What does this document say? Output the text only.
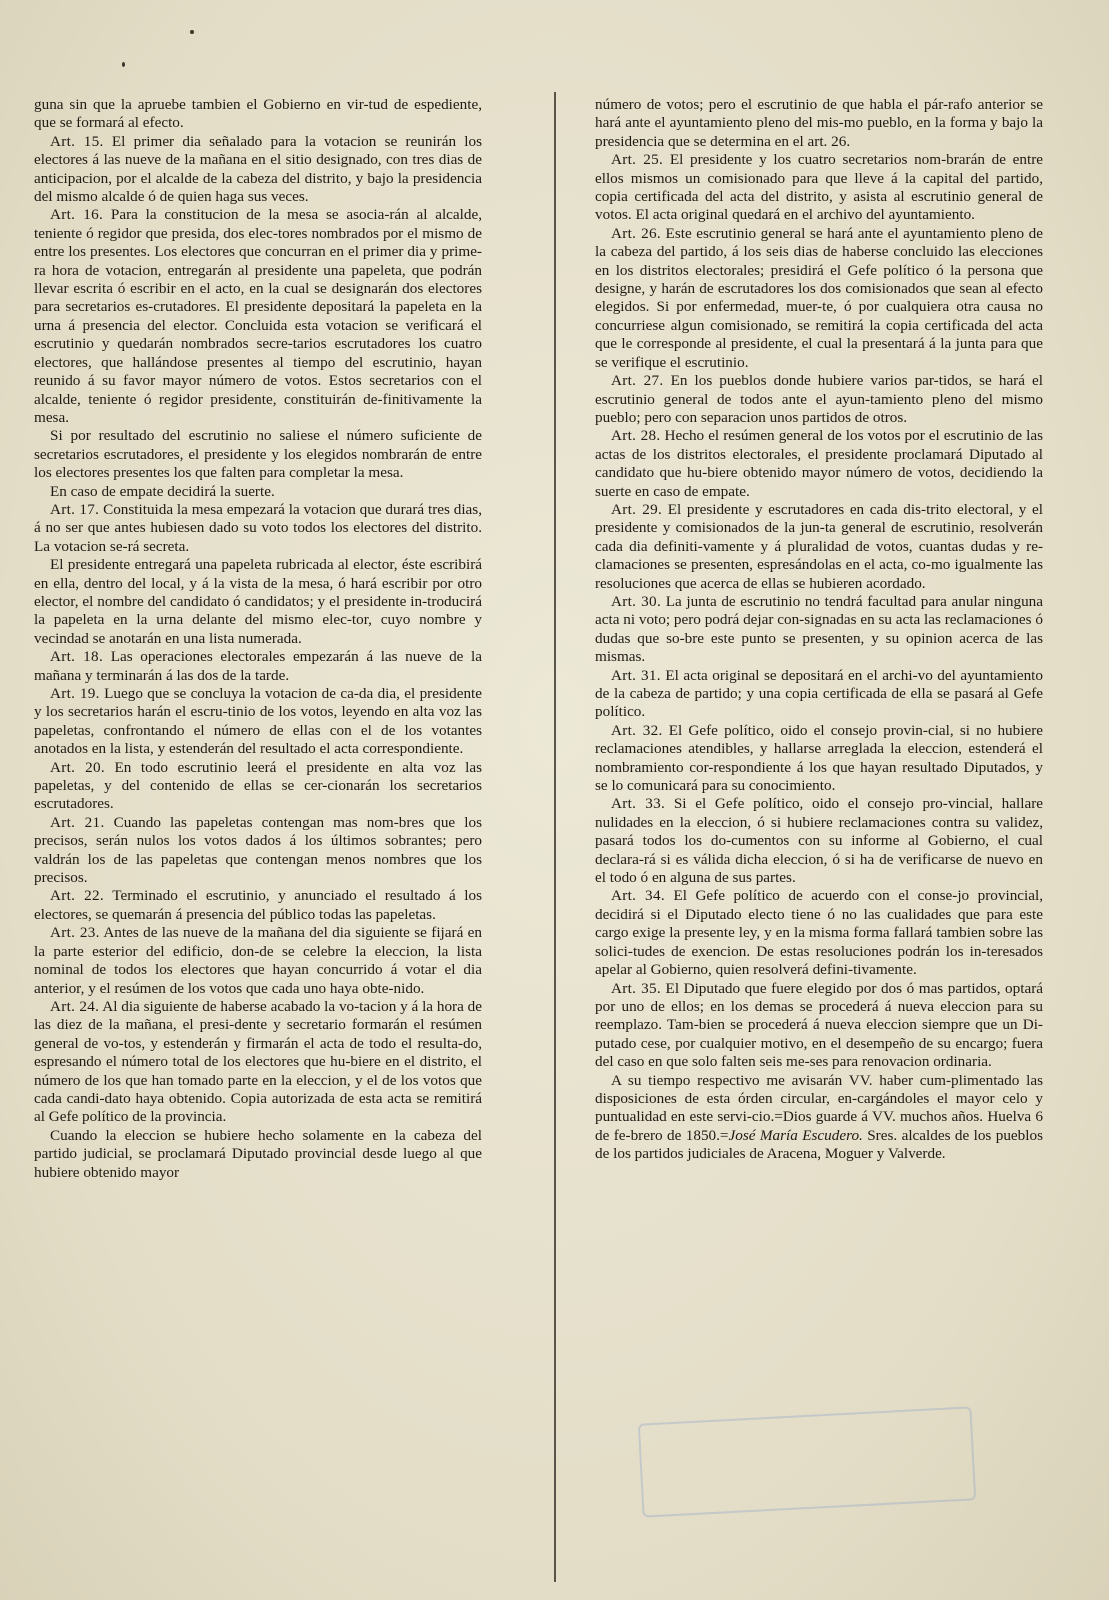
guna sin que la apruebe tambien el Gobierno en vir-tud de espediente, que se formará al efecto.

Art. 15. El primer dia señalado para la votacion se reunirán los electores á las nueve de la mañana en el sitio designado, con tres dias de anticipacion, por el alcalde de la cabeza del distrito, y bajo la presidencia del mismo alcalde ó de quien haga sus veces.

Art. 16. Para la constitucion de la mesa se asocia-rán al alcalde, teniente ó regidor que presida, dos elec-tores nombrados por el mismo de entre los presentes. Los electores que concurran en el primer dia y prime-ra hora de votacion, entregarán al presidente una papeleta, que podrán llevar escrita ó escribir en el acto, en la cual se designarán dos electores para secretarios es-crutadores. El presidente depositará la papeleta en la urna á presencia del elector. Concluida esta votacion se verificará el escrutinio y quedarán nombrados secre-tarios escrutadores los cuatro electores, que hallándose presentes al tiempo del escrutinio, hayan reunido á su favor mayor número de votos. Estos secretarios con el alcalde, teniente ó regidor presidente, constituirán de-finitivamente la mesa.

Si por resultado del escrutinio no saliese el número suficiente de secretarios escrutadores, el presidente y los elegidos nombrarán de entre los electores presentes los que falten para completar la mesa.

En caso de empate decidirá la suerte.

Art. 17. Constituida la mesa empezará la votacion que durará tres dias, á no ser que antes hubiesen dado su voto todos los electores del distrito. La votacion se-rá secreta.

El presidente entregará una papeleta rubricada al elector, éste escribirá en ella, dentro del local, y á la vista de la mesa, ó hará escribir por otro elector, el nombre del candidato ó candidatos; y el presidente in-troducirá la papeleta en la urna delante del mismo elec-tor, cuyo nombre y vecindad se anotarán en una lista numerada.

Art. 18. Las operaciones electorales empezarán á las nueve de la mañana y terminarán á las dos de la tarde.

Art. 19. Luego que se concluya la votacion de ca-da dia, el presidente y los secretarios harán el escru-tinio de los votos, leyendo en alta voz las papeletas, confrontando el número de ellas con el de los votantes anotados en la lista, y estenderán del resultado el acta correspondiente.

Art. 20. En todo escrutinio leerá el presidente en alta voz las papeletas, y del contenido de ellas se cer-cionarán los secretarios escrutadores.

Art. 21. Cuando las papeletas contengan mas nom-bres que los precisos, serán nulos los votos dados á los últimos sobrantes; pero valdrán los de las papeletas que contengan menos nombres que los precisos.

Art. 22. Terminado el escrutinio, y anunciado el resultado á los electores, se quemarán á presencia del público todas las papeletas.

Art. 23. Antes de las nueve de la mañana del dia siguiente se fijará en la parte esterior del edificio, don-de se celebre la eleccion, la lista nominal de todos los electores que hayan concurrido á votar el dia anterior, y el resúmen de los votos que cada uno haya obte-nido.

Art. 24. Al dia siguiente de haberse acabado la vo-tacion y á la hora de las diez de la mañana, el presi-dente y secretario formarán el resúmen general de vo-tos, y estenderán y firmarán el acta de todo el resulta-do, espresando el número total de los electores que hu-biere en el distrito, el número de los que han tomado parte en la eleccion, y el de los votos que cada candi-dato haya obtenido. Copia autorizada de esta acta se remitirá al Gefe político de la provincia.

Cuando la eleccion se hubiere hecho solamente en la cabeza del partido judicial, se proclamará Diputado provincial desde luego al que hubiere obtenido mayor

número de votos; pero el escrutinio de que habla el pár-rafo anterior se hará ante el ayuntamiento pleno del mis-mo pueblo, en la forma y bajo la presidencia que se determina en el art. 26.

Art. 25. El presidente y los cuatro secretarios nom-brarán de entre ellos mismos un comisionado para que lleve á la capital del partido, copia certificada del acta del distrito, y asista al escrutinio general de votos. El acta original quedará en el archivo del ayuntamiento.

Art. 26. Este escrutinio general se hará ante el ayuntamiento pleno de la cabeza del partido, á los seis dias de haberse concluido las elecciones en los distritos electorales; presidirá el Gefe político ó la persona que designe, y harán de escrutadores los dos comisionados que sean al efecto elegidos. Si por enfermedad, muer-te, ó por cualquiera otra causa no concurriese algun comisionado, se remitirá la copia certificada del acta que le corresponde al presidente, el cual la presentará á la junta para que se verifique el escrutinio.

Art. 27. En los pueblos donde hubiere varios par-tidos, se hará el escrutinio general de todos ante el ayun-tamiento pleno del mismo pueblo; pero con separacion unos partidos de otros.

Art. 28. Hecho el resúmen general de los votos por el escrutinio de las actas de los distritos electorales, el presidente proclamará Diputado al candidato que hu-biere obtenido mayor número de votos, decidiendo la suerte en caso de empate.

Art. 29. El presidente y escrutadores en cada dis-trito electoral, y el presidente y comisionados de la jun-ta general de escrutinio, resolverán cada dia definiti-vamente y á pluralidad de votos, cuantas dudas y re-clamaciones se presenten, espresándolas en el acta, co-mo igualmente las resoluciones que acerca de ellas se hubieren acordado.

Art. 30. La junta de escrutinio no tendrá facultad para anular ninguna acta ni voto; pero podrá dejar con-signadas en su acta las reclamaciones ó dudas que so-bre este punto se presenten, y su opinion acerca de las mismas.

Art. 31. El acta original se depositará en el archi-vo del ayuntamiento de la cabeza de partido; y una copia certificada de ella se pasará al Gefe político.

Art. 32. El Gefe político, oido el consejo provin-cial, si no hubiere reclamaciones atendibles, y hallarse arreglada la eleccion, estenderá el nombramiento cor-respondiente á los que hayan resultado Diputados, y se lo comunicará para su conocimiento.

Art. 33. Si el Gefe político, oido el consejo pro-vincial, hallare nulidades en la eleccion, ó si hubiere reclamaciones contra su validez, pasará todos los do-cumentos con su informe al Gobierno, el cual declara-rá si es válida dicha eleccion, ó si ha de verificarse de nuevo en el todo ó en alguna de sus partes.

Art. 34. El Gefe político de acuerdo con el conse-jo provincial, decidirá si el Diputado electo tiene ó no las cualidades que para este cargo exige la presente ley, y en la misma forma fallará tambien sobre las solici-tudes de exencion. De estas resoluciones podrán los in-teresados apelar al Gobierno, quien resolverá defini-tivamente.

Art. 35. El Diputado que fuere elegido por dos ó mas partidos, optará por uno de ellos; en los demas se procederá á nueva eleccion para su reemplazo. Tam-bien se procederá á nueva eleccion siempre que un Di-putado cese, por cualquier motivo, en el desempeño de su encargo; fuera del caso en que solo falten seis me-ses para renovacion ordinaria.

A su tiempo respectivo me avisarán VV. haber cum-plimentado las disposiciones de esta órden circular, en-cargándoles el mayor celo y puntualidad en este servi-cio.=Dios guarde á VV. muchos años. Huelva 6 de fe-brero de 1850.=José María Escudero. Sres. alcaldes de los pueblos de los partidos judiciales de Aracena, Moguer y Valverde.
